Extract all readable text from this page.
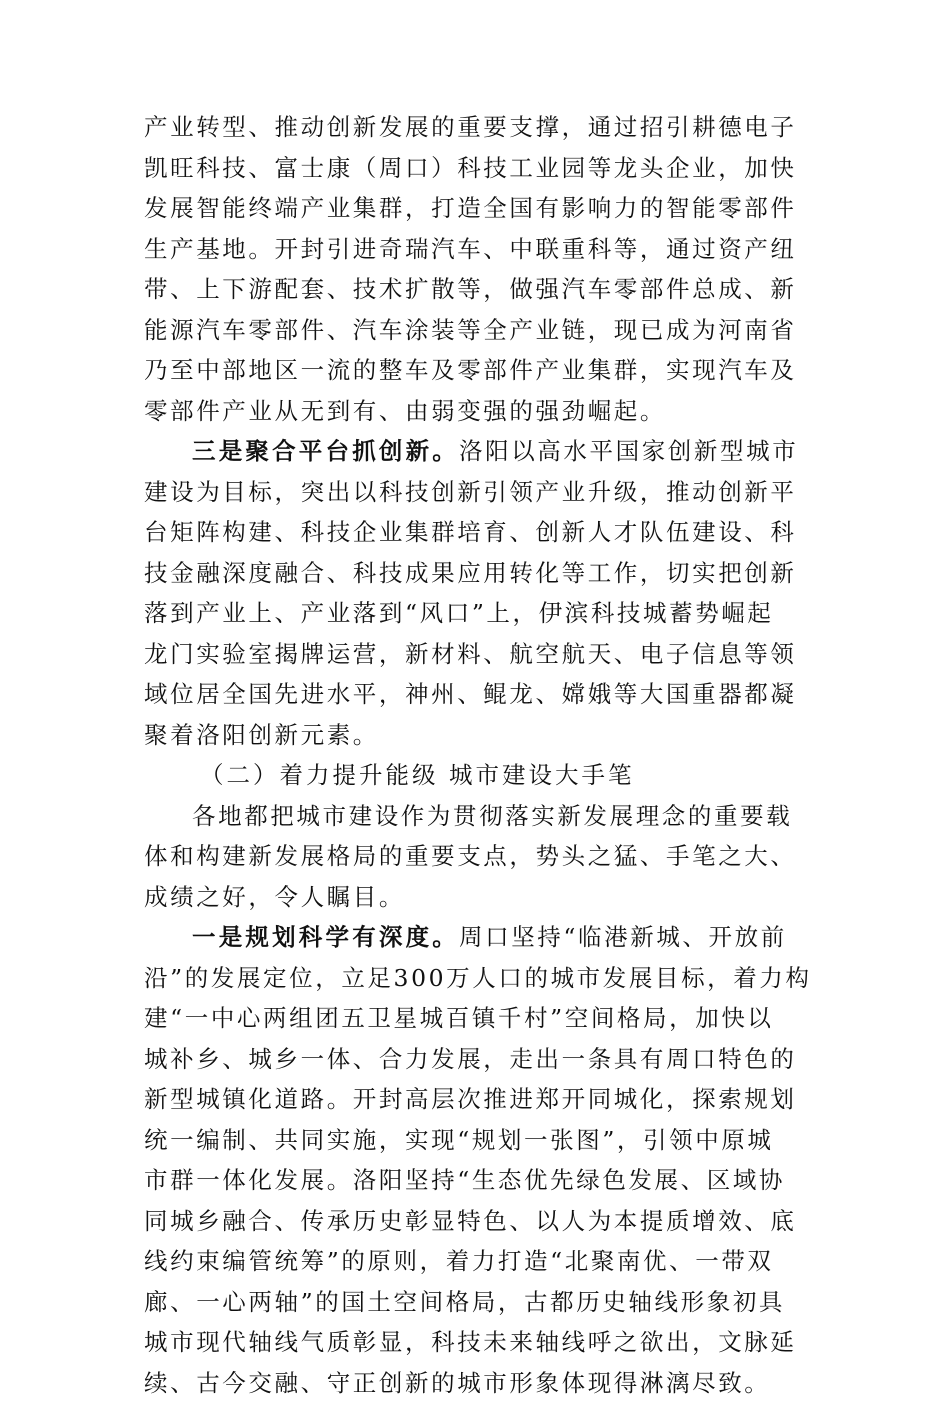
产业转型、推动创新发展的重要支撑，通过招引耕德电子
凯旺科技、富士康（周口）科技工业园等龙头企业，加快
发展智能终端产业集群，打造全国有影响力的智能零部件
生产基地。开封引进奇瑞汽车、中联重科等，通过资产纽
带、上下游配套、技术扩散等，做强汽车零部件总成、新
能源汽车零部件、汽车涂装等全产业链，现已成为河南省
乃至中部地区一流的整车及零部件产业集群，实现汽车及
零部件产业从无到有、由弱变强的强劲崛起。
三是聚合平台抓创新。洛阳以高水平国家创新型城市
建设为目标，突出以科技创新引领产业升级，推动创新平
台矩阵构建、科技企业集群培育、创新人才队伍建设、科
技金融深度融合、科技成果应用转化等工作，切实把创新
落到产业上、产业落到“风口”上，伊滨科技城蓄势崛起
龙门实验室揭牌运营，新材料、航空航天、电子信息等领
域位居全国先进水平，神州、鲲龙、嫦娥等大国重器都凝
聚着洛阳创新元素。
（二）着力提升能级 城市建设大手笔
各地都把城市建设作为贯彻落实新发展理念的重要载
体和构建新发展格局的重要支点，势头之猛、手笔之大、
成绩之好，令人瞩目。
一是规划科学有深度。周口坚持“临港新城、开放前
沿”的发展定位，立足300万人口的城市发展目标，着力构
建“一中心两组团五卫星城百镇千村”空间格局，加快以
城补乡、城乡一体、合力发展，走出一条具有周口特色的
新型城镇化道路。开封高层次推进郑开同城化，探索规划
统一编制、共同实施，实现“规划一张图”，引领中原城
市群一体化发展。洛阳坚持“生态优先绿色发展、区域协
同城乡融合、传承历史彰显特色、以人为本提质增效、底
线约束编管统筹”的原则，着力打造“北聚南优、一带双
廊、一心两轴”的国土空间格局，古都历史轴线形象初具
城市现代轴线气质彰显，科技未来轴线呼之欲出，文脉延
续、古今交融、守正创新的城市形象体现得淋漓尽致。
